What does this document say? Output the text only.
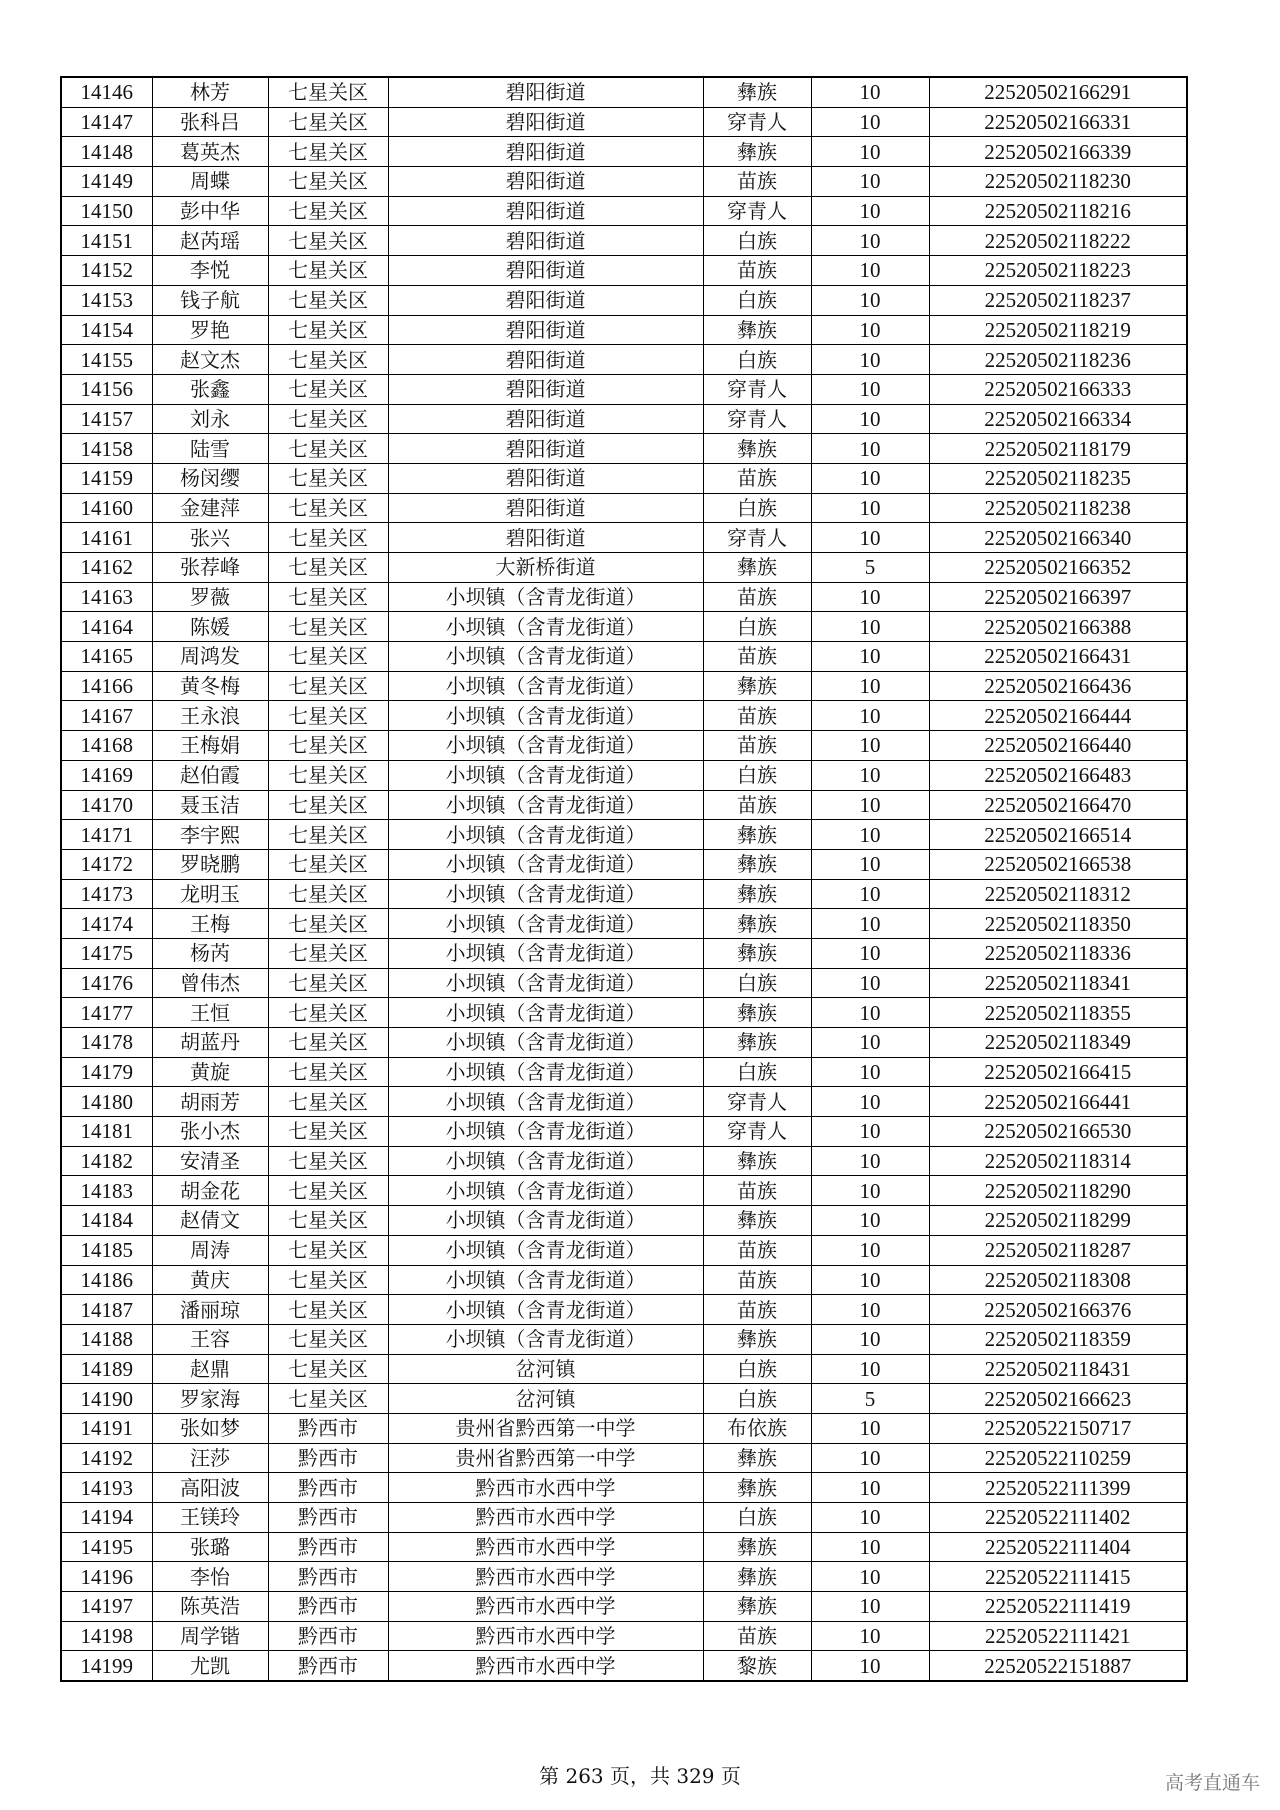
14146	林芳	七星关区	碧阳街道	彝族	10	22520502166291
14147	张科吕	七星关区	碧阳街道	穿青人	10	22520502166331
14148	葛英杰	七星关区	碧阳街道	彝族	10	22520502166339
14149	周蝶	七星关区	碧阳街道	苗族	10	22520502118230
14150	彭中华	七星关区	碧阳街道	穿青人	10	22520502118216
14151	赵芮瑶	七星关区	碧阳街道	白族	10	22520502118222
14152	李悦	七星关区	碧阳街道	苗族	10	22520502118223
14153	钱子航	七星关区	碧阳街道	白族	10	22520502118237
14154	罗艳	七星关区	碧阳街道	彝族	10	22520502118219
14155	赵文杰	七星关区	碧阳街道	白族	10	22520502118236
14156	张鑫	七星关区	碧阳街道	穿青人	10	22520502166333
14157	刘永	七星关区	碧阳街道	穿青人	10	22520502166334
14158	陆雪	七星关区	碧阳街道	彝族	10	22520502118179
14159	杨闵缨	七星关区	碧阳街道	苗族	10	22520502118235
14160	金建萍	七星关区	碧阳街道	白族	10	22520502118238
14161	张兴	七星关区	碧阳街道	穿青人	10	22520502166340
14162	张荐峰	七星关区	大新桥街道	彝族	5	22520502166352
14163	罗薇	七星关区	小坝镇（含青龙街道）	苗族	10	22520502166397
14164	陈媛	七星关区	小坝镇（含青龙街道）	白族	10	22520502166388
14165	周鸿发	七星关区	小坝镇（含青龙街道）	苗族	10	22520502166431
14166	黄冬梅	七星关区	小坝镇（含青龙街道）	彝族	10	22520502166436
14167	王永浪	七星关区	小坝镇（含青龙街道）	苗族	10	22520502166444
14168	王梅娟	七星关区	小坝镇（含青龙街道）	苗族	10	22520502166440
14169	赵伯霞	七星关区	小坝镇（含青龙街道）	白族	10	22520502166483
14170	聂玉洁	七星关区	小坝镇（含青龙街道）	苗族	10	22520502166470
14171	李宇熙	七星关区	小坝镇（含青龙街道）	彝族	10	22520502166514
14172	罗晓鹏	七星关区	小坝镇（含青龙街道）	彝族	10	22520502166538
14173	龙明玉	七星关区	小坝镇（含青龙街道）	彝族	10	22520502118312
14174	王梅	七星关区	小坝镇（含青龙街道）	彝族	10	22520502118350
14175	杨芮	七星关区	小坝镇（含青龙街道）	彝族	10	22520502118336
14176	曾伟杰	七星关区	小坝镇（含青龙街道）	白族	10	22520502118341
14177	王恒	七星关区	小坝镇（含青龙街道）	彝族	10	22520502118355
14178	胡蓝丹	七星关区	小坝镇（含青龙街道）	彝族	10	22520502118349
14179	黄旋	七星关区	小坝镇（含青龙街道）	白族	10	22520502166415
14180	胡雨芳	七星关区	小坝镇（含青龙街道）	穿青人	10	22520502166441
14181	张小杰	七星关区	小坝镇（含青龙街道）	穿青人	10	22520502166530
14182	安清圣	七星关区	小坝镇（含青龙街道）	彝族	10	22520502118314
14183	胡金花	七星关区	小坝镇（含青龙街道）	苗族	10	22520502118290
14184	赵倩文	七星关区	小坝镇（含青龙街道）	彝族	10	22520502118299
14185	周涛	七星关区	小坝镇（含青龙街道）	苗族	10	22520502118287
14186	黄庆	七星关区	小坝镇（含青龙街道）	苗族	10	22520502118308
14187	潘丽琼	七星关区	小坝镇（含青龙街道）	苗族	10	22520502166376
14188	王容	七星关区	小坝镇（含青龙街道）	彝族	10	22520502118359
14189	赵鼎	七星关区	岔河镇	白族	10	22520502118431
14190	罗家海	七星关区	岔河镇	白族	5	22520502166623
14191	张如梦	黔西市	贵州省黔西第一中学	布依族	10	22520522150717
14192	汪莎	黔西市	贵州省黔西第一中学	彝族	10	22520522110259
14193	高阳波	黔西市	黔西市水西中学	彝族	10	22520522111399
14194	王镁玲	黔西市	黔西市水西中学	白族	10	22520522111402
14195	张璐	黔西市	黔西市水西中学	彝族	10	22520522111404
14196	李怡	黔西市	黔西市水西中学	彝族	10	22520522111415
14197	陈英浩	黔西市	黔西市水西中学	彝族	10	22520522111419
14198	周学锴	黔西市	黔西市水西中学	苗族	10	22520522111421
14199	尤凯	黔西市	黔西市水西中学	黎族	10	22520522151887
第 263 页，共 329 页	高考直通车
